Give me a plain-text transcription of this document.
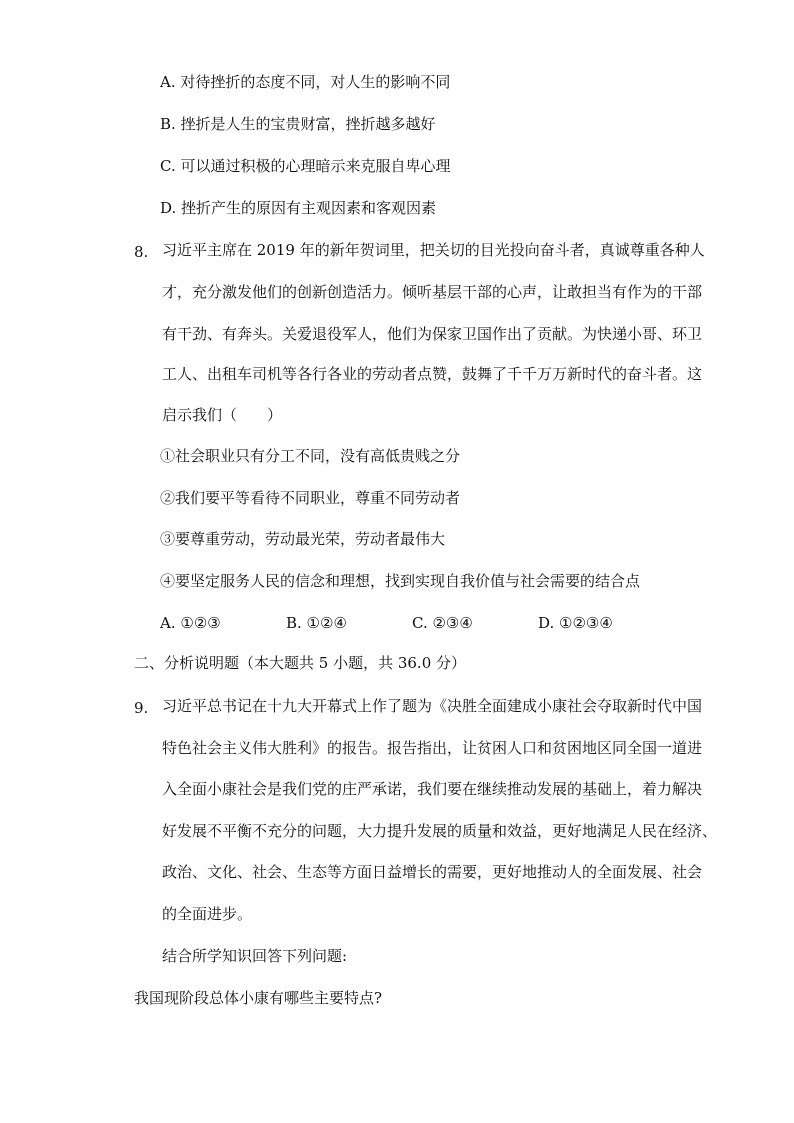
A. 对待挫折的态度不同，对人生的影响不同
B. 挫折是人生的宝贵财富，挫折越多越好
C. 可以通过积极的心理暗示来克服自卑心理
D. 挫折产生的原因有主观因素和客观因素
8. 习近平主席在 2019 年的新年贺词里，把关切的目光投向奋斗者，真诚尊重各种人
才，充分激发他们的创新创造活力。倾听基层干部的心声，让敢担当有作为的干部
有干劲、有奔头。关爱退役军人，他们为保家卫国作出了贡献。为快递小哥、环卫
工人、出租车司机等各行各业的劳动者点赞，鼓舞了千千万万新时代的奋斗者。这
启示我们（　　）
①社会职业只有分工不同，没有高低贵贱之分
②我们要平等看待不同职业，尊重不同劳动者
③要尊重劳动，劳动最光荣，劳动者最伟大
④要坚定服务人民的信念和理想，找到实现自我价值与社会需要的结合点
A. ①②③	B. ①②④	C. ②③④	D. ①②③④
二、分析说明题（本大题共 5 小题，共 36.0 分）
9. 习近平总书记在十九大开幕式上作了题为《决胜全面建成小康社会夺取新时代中国
特色社会主义伟大胜利》的报告。报告指出，让贫困人口和贫困地区同全国一道进
入全面小康社会是我们党的庄严承诺，我们要在继续推动发展的基础上，着力解决
好发展不平衡不充分的问题，大力提升发展的质量和效益，更好地满足人民在经济、
政治、文化、社会、生态等方面日益增长的需要，更好地推动人的全面发展、社会
的全面进步。
结合所学知识回答下列问题:
我国现阶段总体小康有哪些主要特点?
